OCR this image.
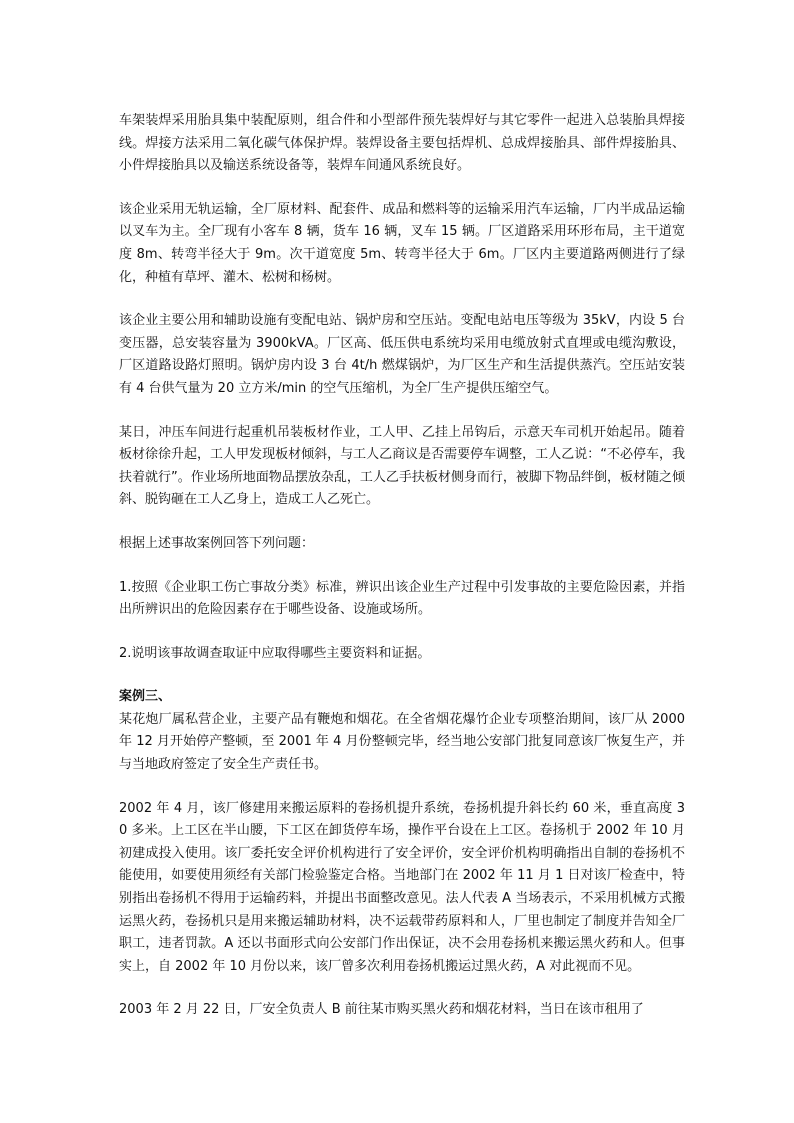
车架装焊采用胎具集中装配原则，组合件和小型部件预先装焊好与其它零件一起进入总装胎具焊接线。焊接方法采用二氧化碳气体保护焊。装焊设备主要包括焊机、总成焊接胎具、部件焊接胎具、小件焊接胎具以及输送系统设备等，装焊车间通风系统良好。

该企业采用无轨运输，全厂原材料、配套件、成品和燃料等的运输采用汽车运输，厂内半成品运输以叉车为主。全厂现有小客车 8 辆，货车 16 辆，叉车 15 辆。厂区道路采用环形布局，主干道宽度 8m、转弯半径大于 9m。次干道宽度 5m、转弯半径大于 6m。厂区内主要道路两侧进行了绿化，种植有草坪、灌木、松树和杨树。

该企业主要公用和辅助设施有变配电站、锅炉房和空压站。变配电站电压等级为 35kV，内设 5 台变压器，总安装容量为 3900kVA。厂区高、低压供电系统均采用电缆放射式直埋或电缆沟敷设，厂区道路设路灯照明。锅炉房内设 3 台 4t/h 燃煤锅炉，为厂区生产和生活提供蒸汽。空压站安装有 4 台供气量为 20 立方米/min 的空气压缩机，为全厂生产提供压缩空气。

某日，冲压车间进行起重机吊装板材作业，工人甲、乙挂上吊钩后，示意天车司机开始起吊。随着板材徐徐升起，工人甲发现板材倾斜，与工人乙商议是否需要停车调整，工人乙说：“不必停车，我扶着就行”。作业场所地面物品摆放杂乱，工人乙手扶板材侧身而行，被脚下物品绊倒，板材随之倾斜、脱钩砸在工人乙身上，造成工人乙死亡。

根据上述事故案例回答下列问题：

1.按照《企业职工伤亡事故分类》标准，辨识出该企业生产过程中引发事故的主要危险因素，并指出所辨识出的危险因素存在于哪些设备、设施或场所。

2.说明该事故调查取证中应取得哪些主要资料和证据。

案例三、

某花炮厂属私营企业，主要产品有鞭炮和烟花。在全省烟花爆竹企业专项整治期间，该厂从 2000 年 12 月开始停产整顿，至 2001 年 4 月份整顿完毕，经当地公安部门批复同意该厂恢复生产，并与当地政府签定了安全生产责任书。

2002 年 4 月，该厂修建用来搬运原料的卷扬机提升系统，卷扬机提升斜长约 60 米，垂直高度 30 多米。上工区在半山腰，下工区在卸货停车场，操作平台设在上工区。卷扬机于 2002 年 10 月初建成投入使用。该厂委托安全评价机构进行了安全评价，安全评价机构明确指出自制的卷扬机不能使用，如要使用须经有关部门检验鉴定合格。当地部门在 2002 年 11 月 1 日对该厂检查中，特别指出卷扬机不得用于运输药料，并提出书面整改意见。法人代表 A 当场表示，不采用机械方式搬运黑火药，卷扬机只是用来搬运辅助材料，决不运载带药原料和人，厂里也制定了制度并告知全厂职工，违者罚款。A 还以书面形式向公安部门作出保证，决不会用卷扬机来搬运黑火药和人。但事实上，自 2002 年 10 月份以来，该厂曾多次利用卷扬机搬运过黑火药，A 对此视而不见。

2003 年 2 月 22 日，厂安全负责人 B 前往某市购买黑火药和烟花材料，当日在该市租用了
